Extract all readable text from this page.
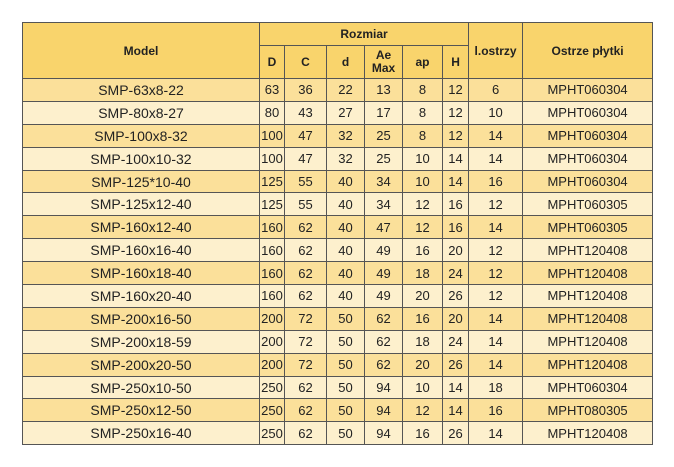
Model	Rozmiar						l.ostrzy	Ostrze płytki
	D	C	d	Ae Max	ap	H		
SMP-63x8-22	63	36	22	13	8	12	6	MPHT060304
SMP-80x8-27	80	43	27	17	8	12	10	MPHT060304
SMP-100x8-32	100	47	32	25	8	12	14	MPHT060304
SMP-100x10-32	100	47	32	25	10	14	14	MPHT060304
SMP-125*10-40	125	55	40	34	10	14	16	MPHT060304
SMP-125x12-40	125	55	40	34	12	16	12	MPHT060305
SMP-160x12-40	160	62	40	47	12	16	14	MPHT060305
SMP-160x16-40	160	62	40	49	16	20	12	MPHT120408
SMP-160x18-40	160	62	40	49	18	24	12	MPHT120408
SMP-160x20-40	160	62	40	49	20	26	12	MPHT120408
SMP-200x16-50	200	72	50	62	16	20	14	MPHT120408
SMP-200x18-59	200	72	50	62	18	24	14	MPHT120408
SMP-200x20-50	200	72	50	62	20	26	14	MPHT120408
SMP-250x10-50	250	62	50	94	10	14	18	MPHT060304
SMP-250x12-50	250	62	50	94	12	14	16	MPHT080305
SMP-250x16-40	250	62	50	94	16	26	14	MPHT120408
